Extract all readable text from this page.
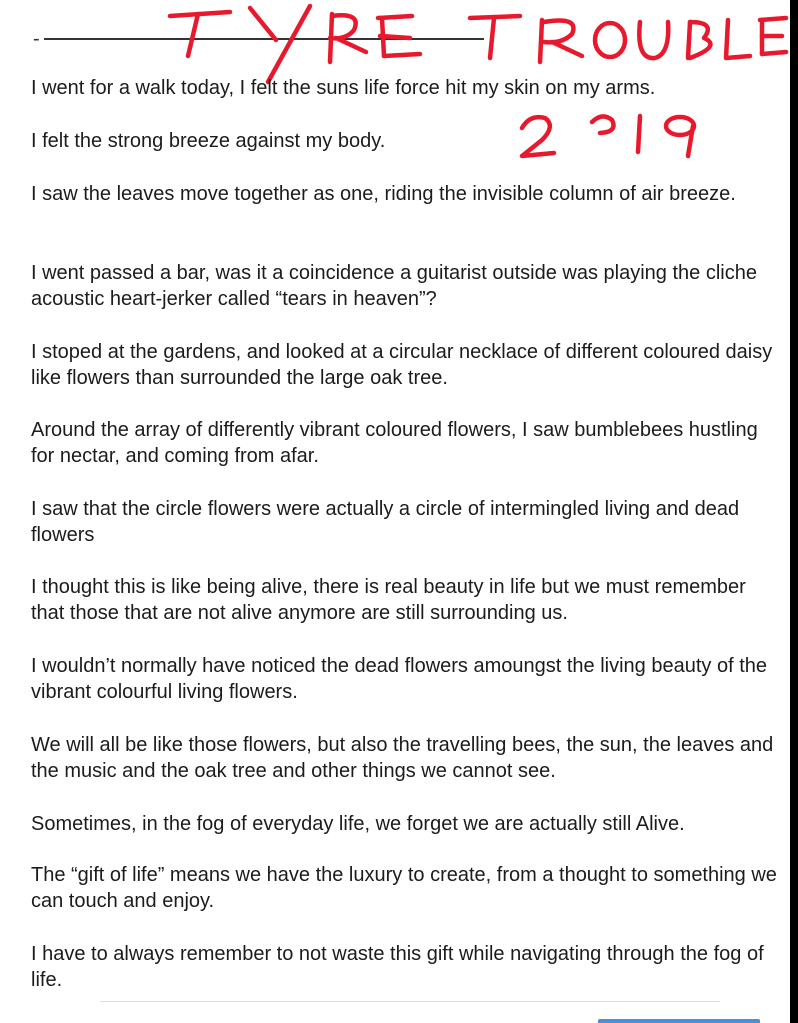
-

I went for a walk today, I felt the suns life force hit my skin on my arms.

I felt the strong breeze against my body.

I saw the leaves move together as one, riding the invisible column of air breeze.

I went passed a bar, was it a coincidence a guitarist outside was playing the cliche acoustic heart-jerker called “tears in heaven”?

I stoped at the gardens, and looked at a circular necklace of different coloured daisy like flowers than surrounded the large oak tree.

Around the array of differently vibrant coloured flowers, I saw bumblebees hustling for nectar, and coming from afar.

I saw that the circle flowers were actually a circle of intermingled living and dead flowers

I thought this is like being alive, there is real beauty in life but we must remember that those that are not alive anymore are still surrounding us.

I wouldn’t normally have noticed the dead flowers amoungst the living beauty of the vibrant colourful living flowers.

We will all be like those flowers, but also the travelling bees, the sun, the leaves and the music and the oak tree and other things we cannot see.

Sometimes, in the fog of everyday life, we forget we are actually still Alive.

The “gift of life” means we have the luxury to create, from a thought to something we can touch and enjoy.

I have to always remember to not waste this gift while navigating through the fog of life.
